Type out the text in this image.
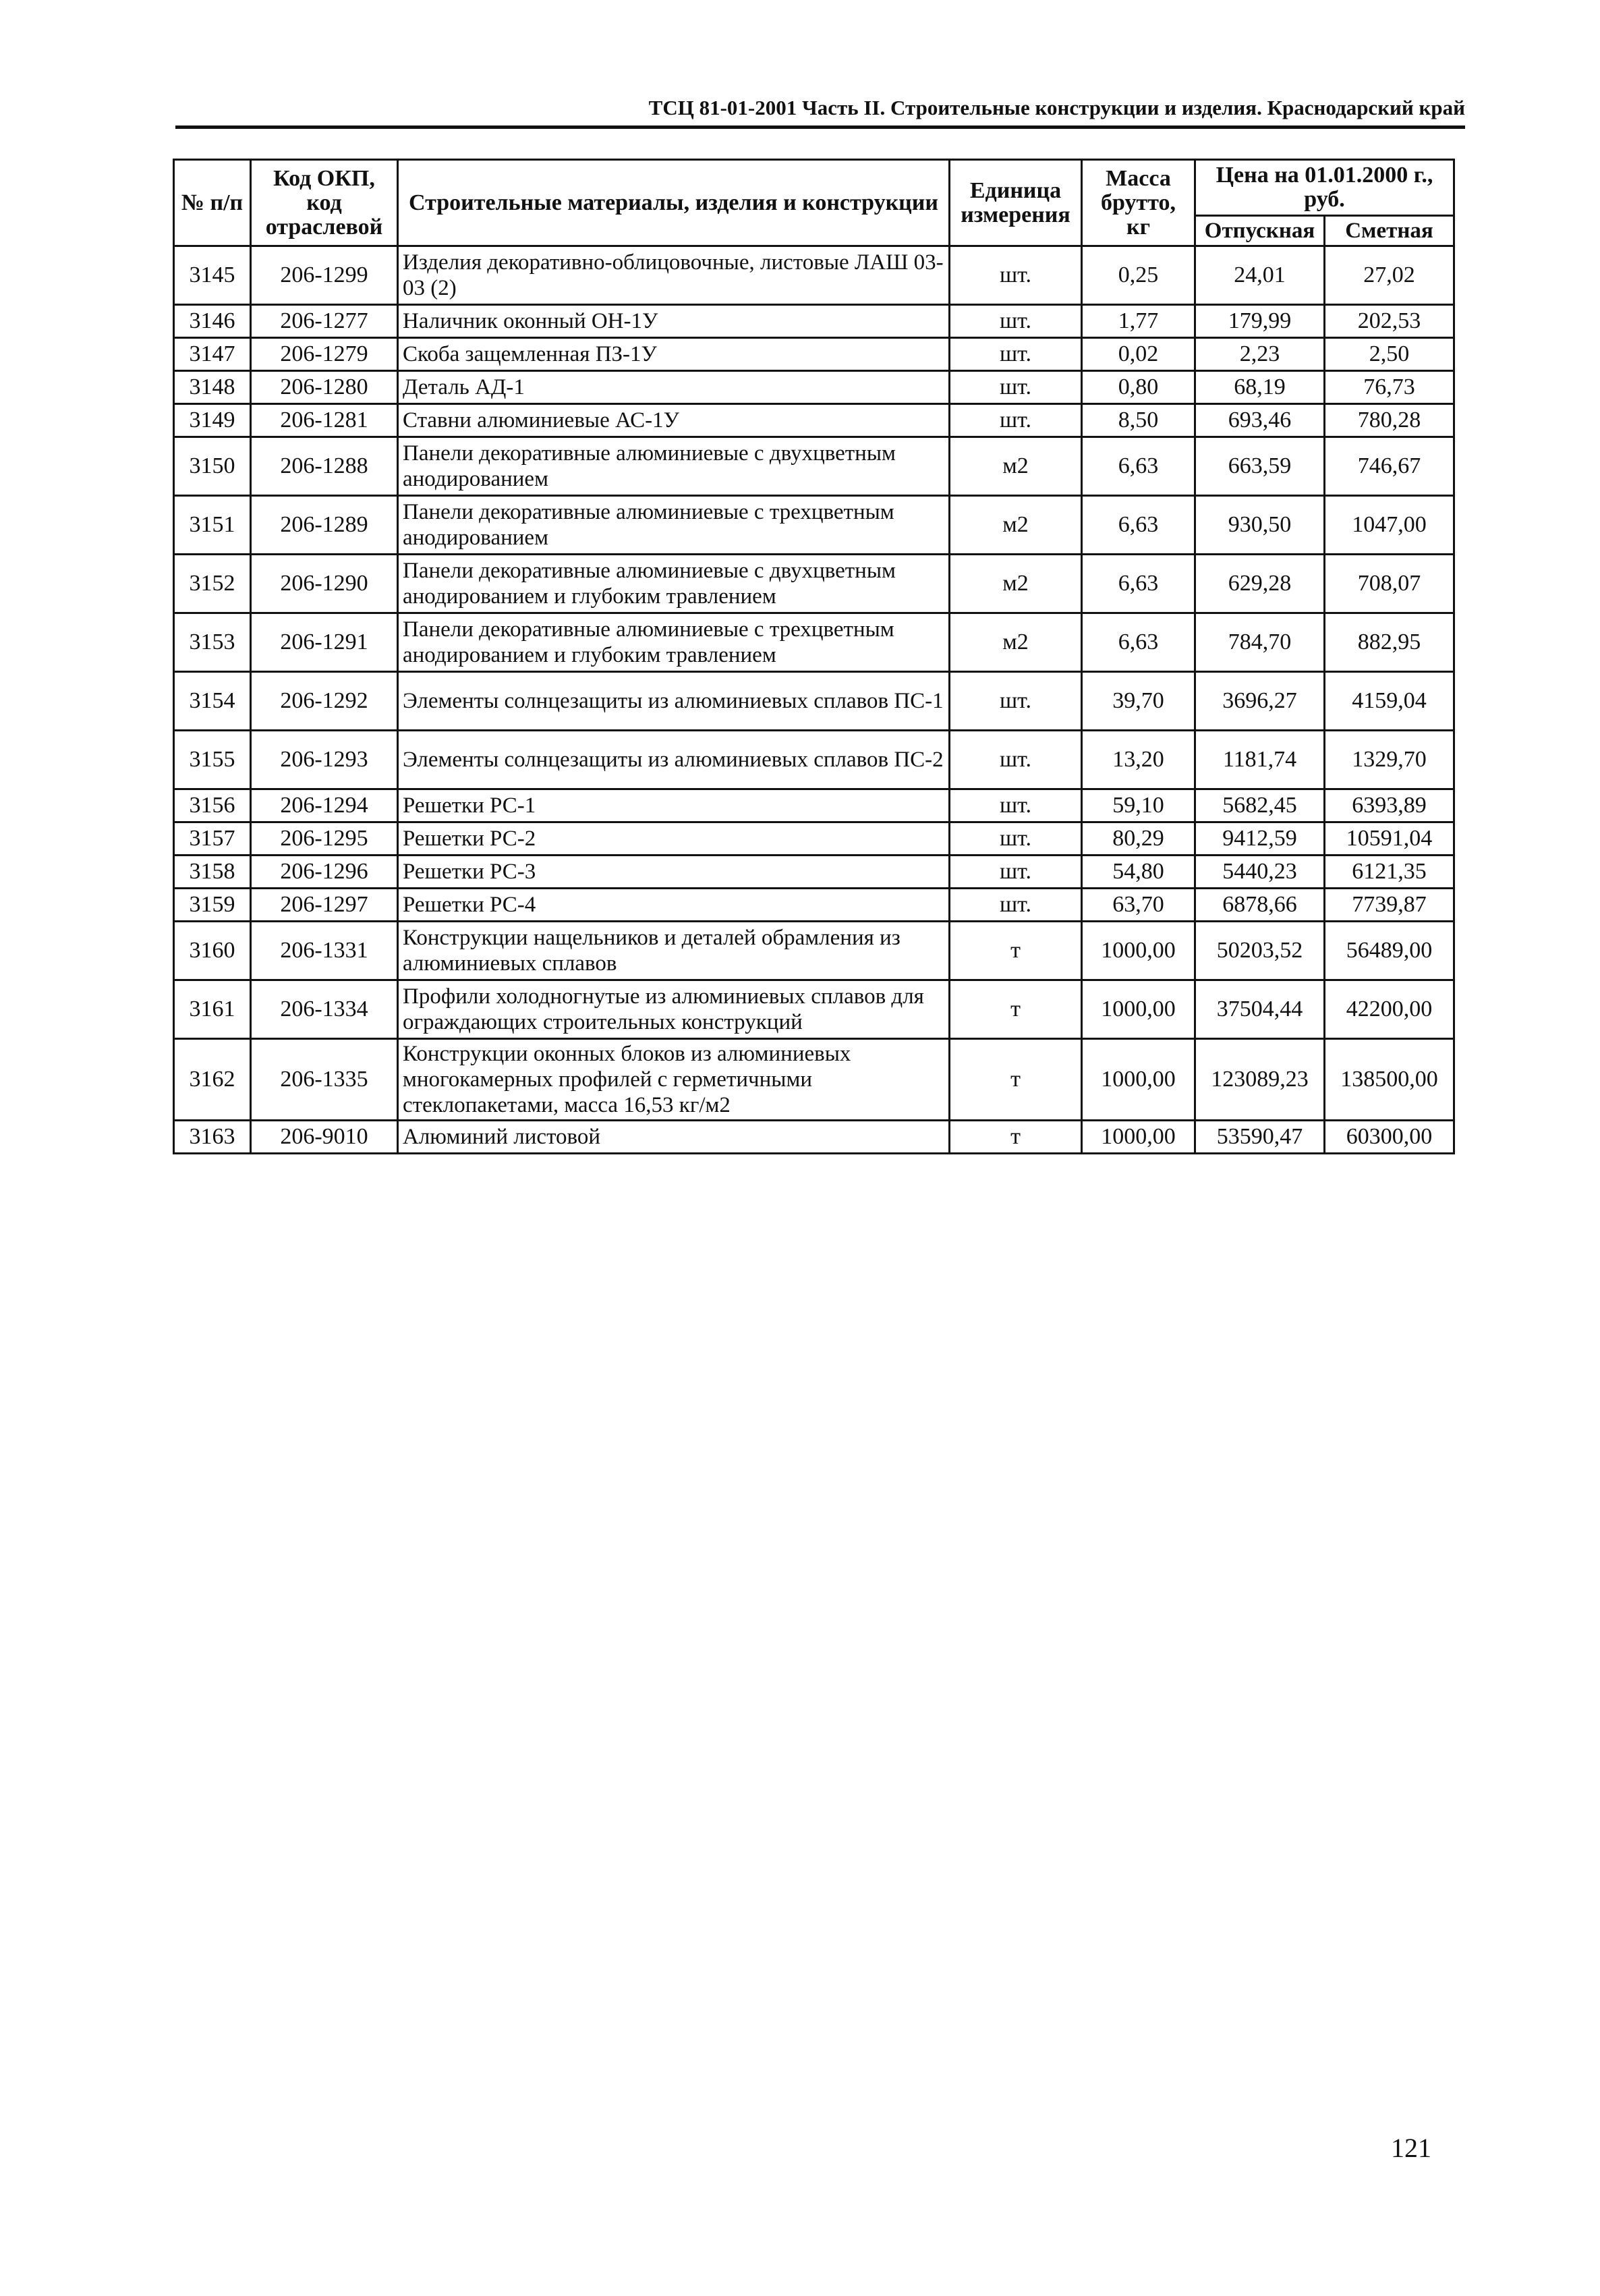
ТСЦ 81-01-2001 Часть II. Строительные конструкции и изделия. Краснодарский край
№ п/п	Код ОКП, код отраслевой	Строительные материалы, изделия и конструкции	Единица измерения	Масса брутто, кг	Цена на 01.01.2000 г., руб.	
					Отпускная	Сметная
3145	206-1299	Изделия декоративно-облицовочные, листовые ЛАШ 03-03 (2)	шт.	0,25	24,01	27,02
3146	206-1277	Наличник оконный ОН-1У	шт.	1,77	179,99	202,53
3147	206-1279	Скоба защемленная ПЗ-1У	шт.	0,02	2,23	2,50
3148	206-1280	Деталь АД-1	шт.	0,80	68,19	76,73
3149	206-1281	Ставни алюминиевые АС-1У	шт.	8,50	693,46	780,28
3150	206-1288	Панели декоративные алюминиевые с двухцветным анодированием	м2	6,63	663,59	746,67
3151	206-1289	Панели декоративные алюминиевые с трехцветным анодированием	м2	6,63	930,50	1047,00
3152	206-1290	Панели декоративные алюминиевые с двухцветным анодированием и глубоким травлением	м2	6,63	629,28	708,07
3153	206-1291	Панели декоративные алюминиевые с трехцветным анодированием и глубоким травлением	м2	6,63	784,70	882,95
3154	206-1292	Элементы солнцезащиты из алюминиевых сплавов ПС-1	шт.	39,70	3696,27	4159,04
3155	206-1293	Элементы солнцезащиты из алюминиевых сплавов ПС-2	шт.	13,20	1181,74	1329,70
3156	206-1294	Решетки РС-1	шт.	59,10	5682,45	6393,89
3157	206-1295	Решетки РС-2	шт.	80,29	9412,59	10591,04
3158	206-1296	Решетки РС-3	шт.	54,80	5440,23	6121,35
3159	206-1297	Решетки РС-4	шт.	63,70	6878,66	7739,87
3160	206-1331	Конструкции нащельников и деталей обрамления из алюминиевых сплавов	т	1000,00	50203,52	56489,00
3161	206-1334	Профили холодногнутые из алюминиевых сплавов для ограждающих строительных конструкций	т	1000,00	37504,44	42200,00
3162	206-1335	Конструкции оконных блоков из алюминиевых многокамерных профилей с герметичными стеклопакетами, масса 16,53 кг/м2	т	1000,00	123089,23	138500,00
3163	206-9010	Алюминий листовой	т	1000,00	53590,47	60300,00
121
